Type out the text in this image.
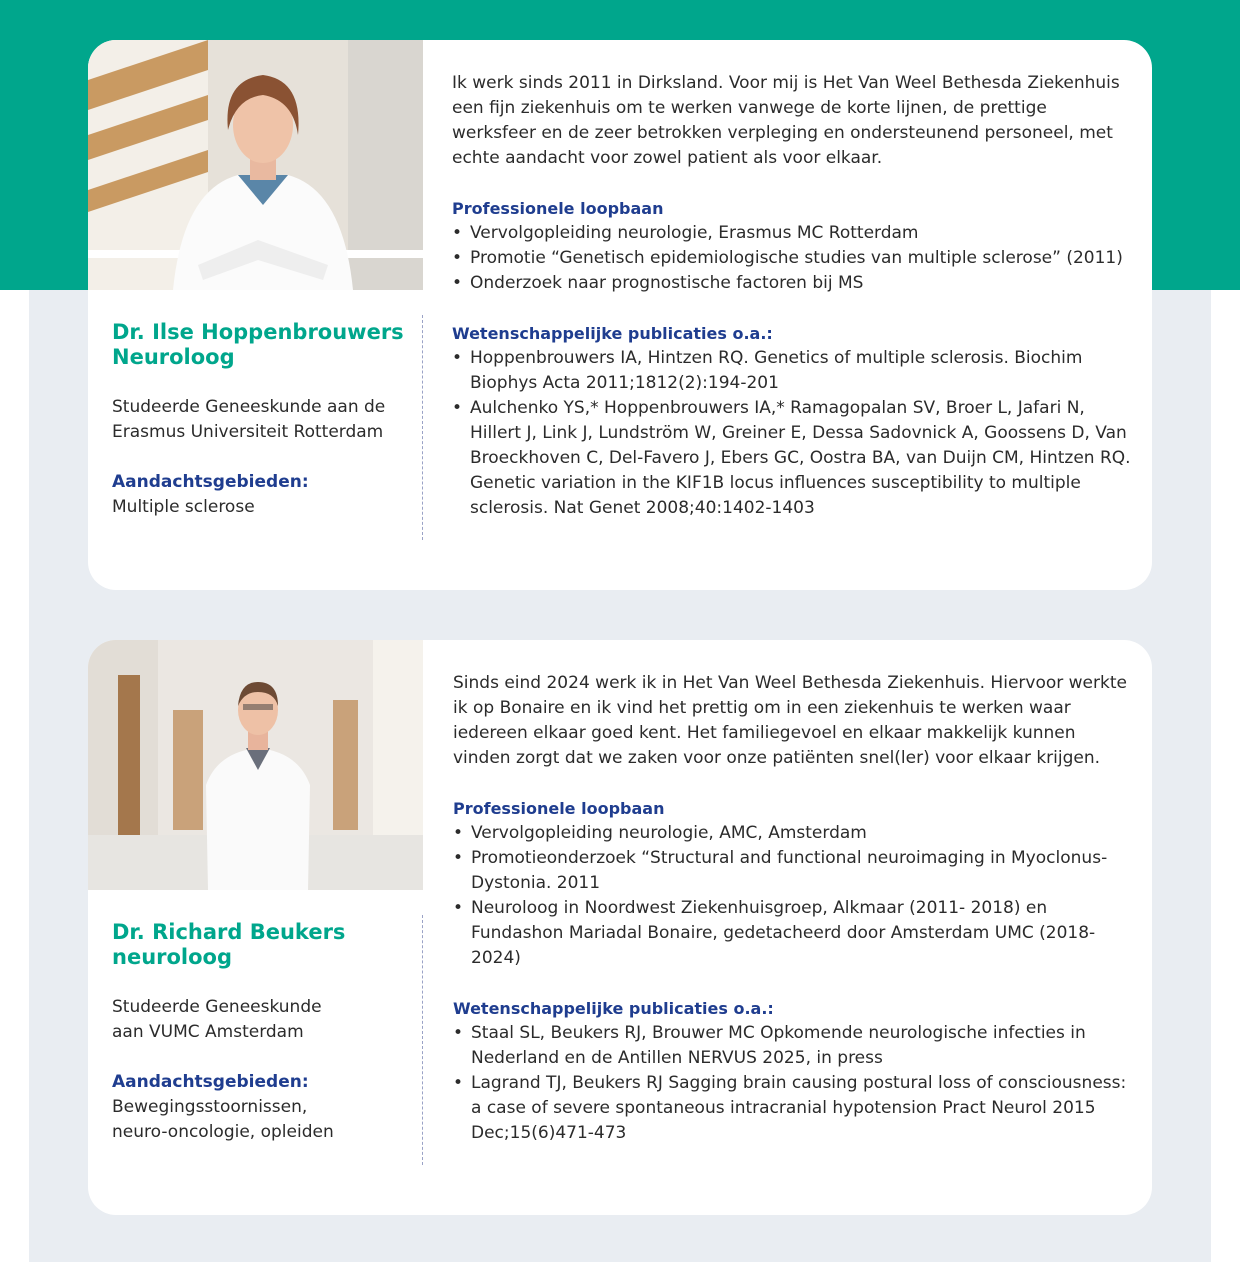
Dr. Ilse Hoppenbrouwers
Neuroloog

Studeerde Geneeskunde aan de

Erasmus Universiteit Rotterdam

Aandachtsgebieden:

Multiple sclerose

Ik werk sinds 2011 in Dirksland. Voor mij is Het Van Weel Bethesda Ziekenhuis een fijn ziekenhuis om te werken vanwege de korte lijnen, de prettige werksfeer en de zeer betrokken verpleging en ondersteunend personeel, met echte aandacht voor zowel patient als voor elkaar.

Professionele loopbaan

• Vervolgopleiding neurologie, Erasmus MC Rotterdam
• Promotie “Genetisch epidemiologische studies van multiple sclerose” (2011)
• Onderzoek naar prognostische factoren bij MS

Wetenschappelijke publicaties o.a.:

• Hoppenbrouwers IA, Hintzen RQ. Genetics of multiple sclerosis. Biochim Biophys Acta 2011;1812(2):194-201
• Aulchenko YS,* Hoppenbrouwers IA,* Ramagopalan SV, Broer L, Jafari N, Hillert J, Link J, Lundström W, Greiner E, Dessa Sadovnick A, Goossens D, Van Broeckhoven C, Del-Favero J, Ebers GC, Oostra BA, van Duijn CM, Hintzen RQ. Genetic variation in the KIF1B locus influences susceptibility to multiple sclerosis. Nat Genet 2008;40:1402-1403
Dr. Richard Beukers
neuroloog

Studeerde Geneeskunde

aan VUMC Amsterdam

Aandachtsgebieden:

Bewegingsstoornissen,

neuro-oncologie, opleiden

Sinds eind 2024 werk ik in Het Van Weel Bethesda Ziekenhuis. Hiervoor werkte ik op Bonaire en ik vind het prettig om in een ziekenhuis te werken waar iedereen elkaar goed kent. Het familiegevoel en elkaar makkelijk kunnen vinden zorgt dat we zaken voor onze patiënten snel(ler) voor elkaar krijgen.

Professionele loopbaan

• Vervolgopleiding neurologie, AMC, Amsterdam
• Promotieonderzoek “Structural and functional neuroimaging in Myoclonus-Dystonia. 2011
• Neuroloog in Noordwest Ziekenhuisgroep, Alkmaar (2011- 2018) en Fundashon Mariadal Bonaire, gedetacheerd door Amsterdam UMC (2018- 2024)

Wetenschappelijke publicaties o.a.:

• Staal SL, Beukers RJ, Brouwer MC Opkomende neurologische infecties in Nederland en de Antillen NERVUS 2025, in press
• Lagrand TJ, Beukers RJ Sagging brain causing postural loss of consciousness: a case of severe spontaneous intracranial hypotension Pract Neurol 2015 Dec;15(6)471-473
